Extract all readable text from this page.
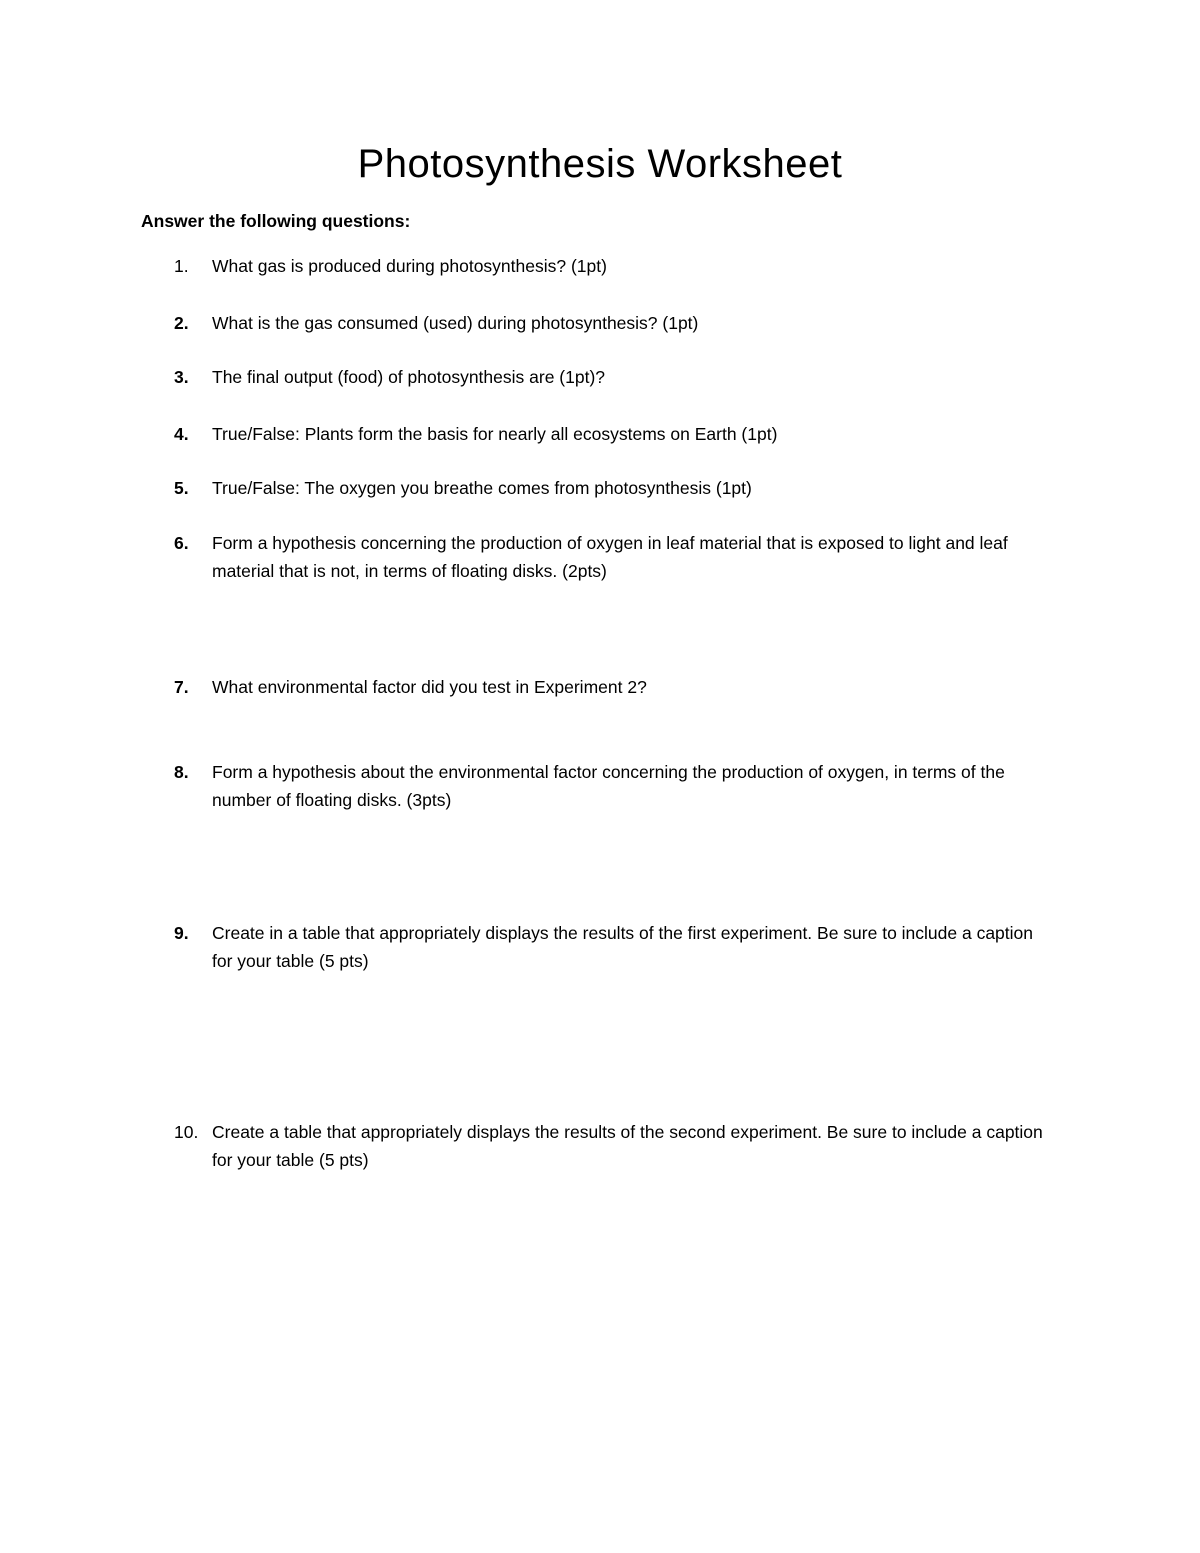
Photosynthesis Worksheet

Answer the following questions:

1.	What gas is produced during photosynthesis? (1pt)
2.	What is the gas consumed (used) during photosynthesis? (1pt)
3.	The final output (food) of photosynthesis are (1pt)?
4.	True/False: Plants form the basis for nearly all ecosystems on Earth (1pt)
5.	True/False: The oxygen you breathe comes from photosynthesis (1pt)
6.	Form a hypothesis concerning the production of oxygen in leaf material that is exposed to light and leaf material that is not, in terms of floating disks. (2pts)
7.	What environmental factor did you test in Experiment 2?
8.	Form a hypothesis about the environmental factor concerning the production of oxygen, in terms of the number of floating disks. (3pts)
9.	Create in a table that appropriately displays the results of the first experiment. Be sure to include a caption for your table (5 pts)
10. Create a table that appropriately displays the results of the second experiment. Be sure to include a caption for your table (5 pts)
